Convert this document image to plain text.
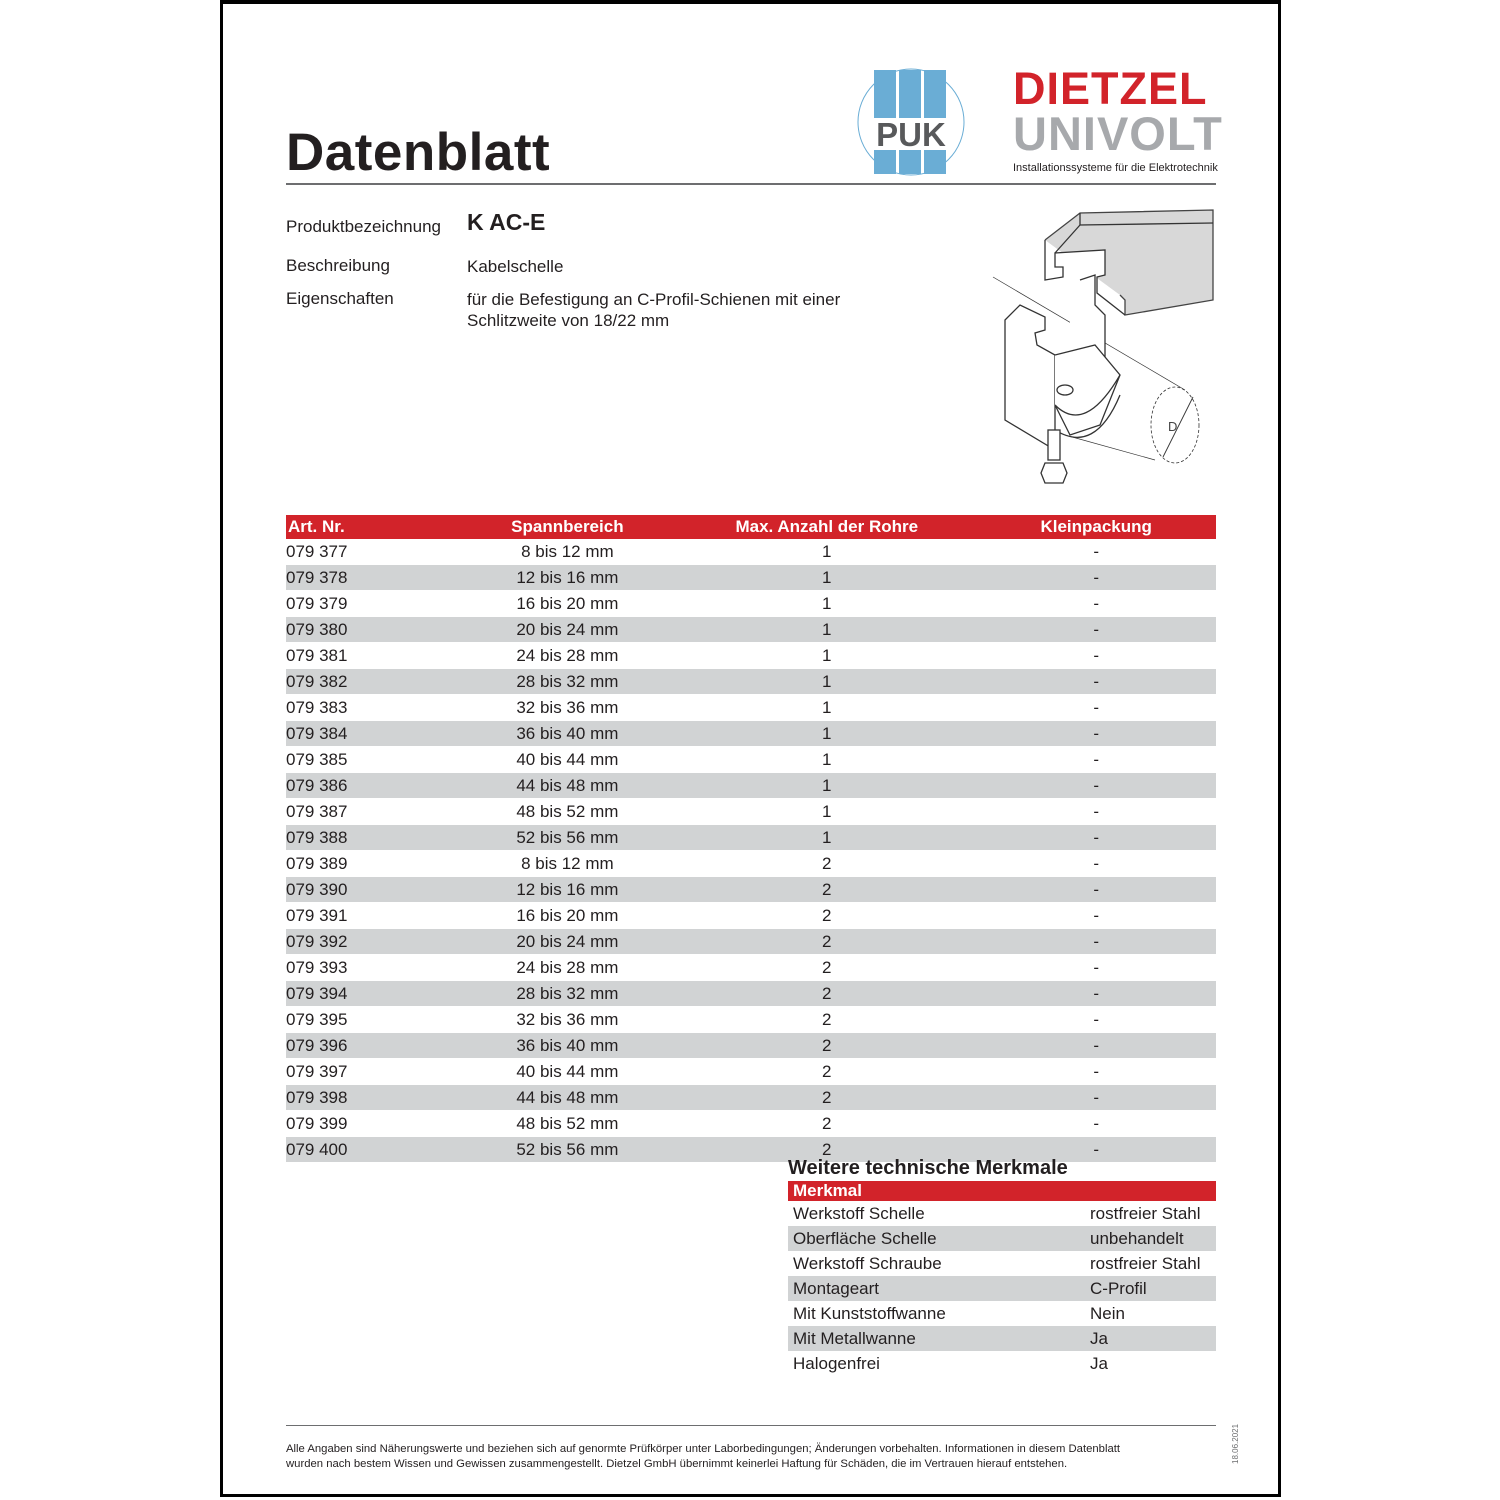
Datenblatt	PUK
DIETZEL
UNIVOLT
Installationssysteme für die Elektrotechnik
Produktbezeichnung K AC-E
Beschreibung	Kabelschelle
Eigenschaften	für die Befestigung an C-Profil-Schienen mit einer
Schlitzweite von 18/22 mm
D
Art. Nr.	Spannbereich	Max. Anzahl der Rohre	Kleinpackung
079 377	8 bis 12 mm	1	-
079 378	12 bis 16 mm	1	-
079 379	16 bis 20 mm	1	-
079 380	20 bis 24 mm	1	-
079 381	24 bis 28 mm	1	-
079 382	28 bis 32 mm	1	-
079 383	32 bis 36 mm	1	-
079 384	36 bis 40 mm	1	-
079 385	40 bis 44 mm	1	-
079 386	44 bis 48 mm	1	-
079 387	48 bis 52 mm	1	-
079 388	52 bis 56 mm	1	-
079 389	8 bis 12 mm	2	-
079 390	12 bis 16 mm	2	-
079 391	16 bis 20 mm	2	-
079 392	20 bis 24 mm	2	-
079 393	24 bis 28 mm	2	-
079 394	28 bis 32 mm	2	-
079 395	32 bis 36 mm	2	-
079 396	36 bis 40 mm	2	-
079 397	40 bis 44 mm	2	-
079 398	44 bis 48 mm	2	-
079 399	48 bis 52 mm	2	-
079 400	52 bis 56 mm	2	-
Weitere technische Merkmale
Merkmal	
Werkstoff Schelle	rostfreier Stahl
Oberfläche Schelle	unbehandelt
Werkstoff Schraube	rostfreier Stahl
Montageart	C-Profil
Mit Kunststoffwanne	Nein
Mit Metallwanne	Ja
Halogenfrei	Ja
Alle Angaben sind Näherungswerte und beziehen sich auf genormte Prüfkörper unter Laborbedingungen; Änderungen vorbehalten. Informationen in diesem Datenblatt
wurden nach bestem Wissen und Gewissen zusammengestellt. Dietzel GmbH übernimmt keinerlei Haftung für Schäden, die im Vertrauen hierauf entstehen.	18.06.2021
